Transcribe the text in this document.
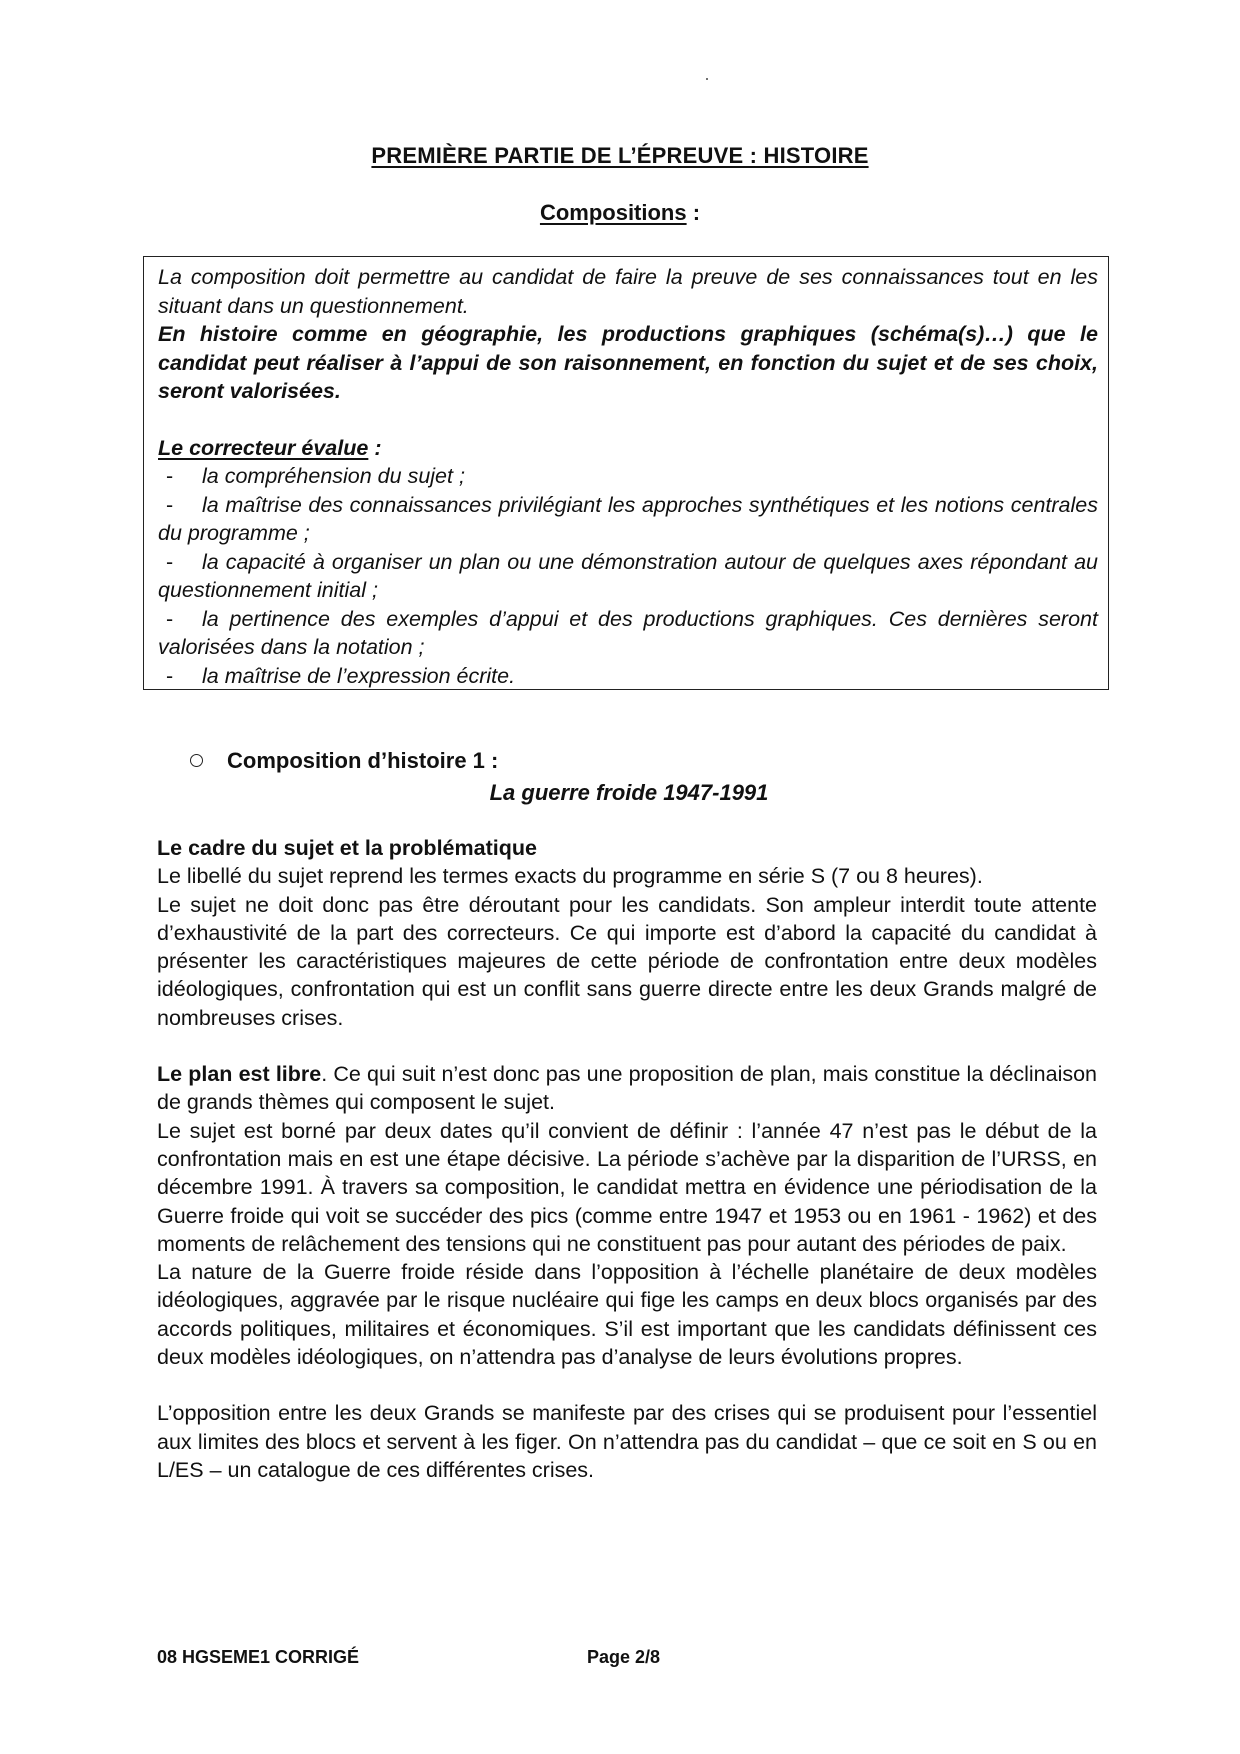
PREMIÈRE PARTIE DE L’ÉPREUVE : HISTOIRE
Compositions :

La composition doit permettre au candidat de faire la preuve de ses connaissances tout en les situant dans un questionnement.

En histoire comme en géographie, les productions graphiques (schéma(s)…) que le candidat peut réaliser à l’appui de son raisonnement, en fonction du sujet et de ses choix, seront valorisées.

Le correcteur évalue :

- la compréhension du sujet ;

- la maîtrise des connaissances privilégiant les approches synthétiques et les notions centrales du programme ;

- la capacité à organiser un plan ou une démonstration autour de quelques axes répondant au questionnement initial ;

- la pertinence des exemples d’appui et des productions graphiques. Ces dernières seront valorisées dans la notation ;

- la maîtrise de l’expression écrite.

Composition d’histoire 1 :
La guerre froide 1947-1991

Le cadre du sujet et la problématique

Le libellé du sujet reprend les termes exacts du programme en série S (7 ou 8 heures).

Le sujet ne doit donc pas être déroutant pour les candidats. Son ampleur interdit toute attente d’exhaustivité de la part des correcteurs. Ce qui importe est d’abord la capacité du candidat à présenter les caractéristiques majeures de cette période de confrontation entre deux modèles idéologiques, confrontation qui est un conflit sans guerre directe entre les deux Grands malgré de nombreuses crises.

Le plan est libre. Ce qui suit n’est donc pas une proposition de plan, mais constitue la déclinaison de grands thèmes qui composent le sujet.

Le sujet est borné par deux dates qu’il convient de définir : l’année 47 n’est pas le début de la confrontation mais en est une étape décisive. La période s’achève par la disparition de l’URSS, en décembre 1991. À travers sa composition, le candidat mettra en évidence une périodisation de la Guerre froide qui voit se succéder des pics (comme entre 1947 et 1953 ou en 1961 - 1962) et des moments de relâchement des tensions qui ne constituent pas pour autant des périodes de paix.

La nature de la Guerre froide réside dans l’opposition à l’échelle planétaire de deux modèles idéologiques, aggravée par le risque nucléaire qui fige les camps en deux blocs organisés par des accords politiques, militaires et économiques. S’il est important que les candidats définissent ces deux modèles idéologiques, on n’attendra pas d’analyse de leurs évolutions propres.

L’opposition entre les deux Grands se manifeste par des crises qui se produisent pour l’essentiel aux limites des blocs et servent à les figer. On n’attendra pas du candidat – que ce soit en S ou en L/ES – un catalogue de ces différentes crises.

08 HGSEME1 CORRIGÉ	Page 2/8
